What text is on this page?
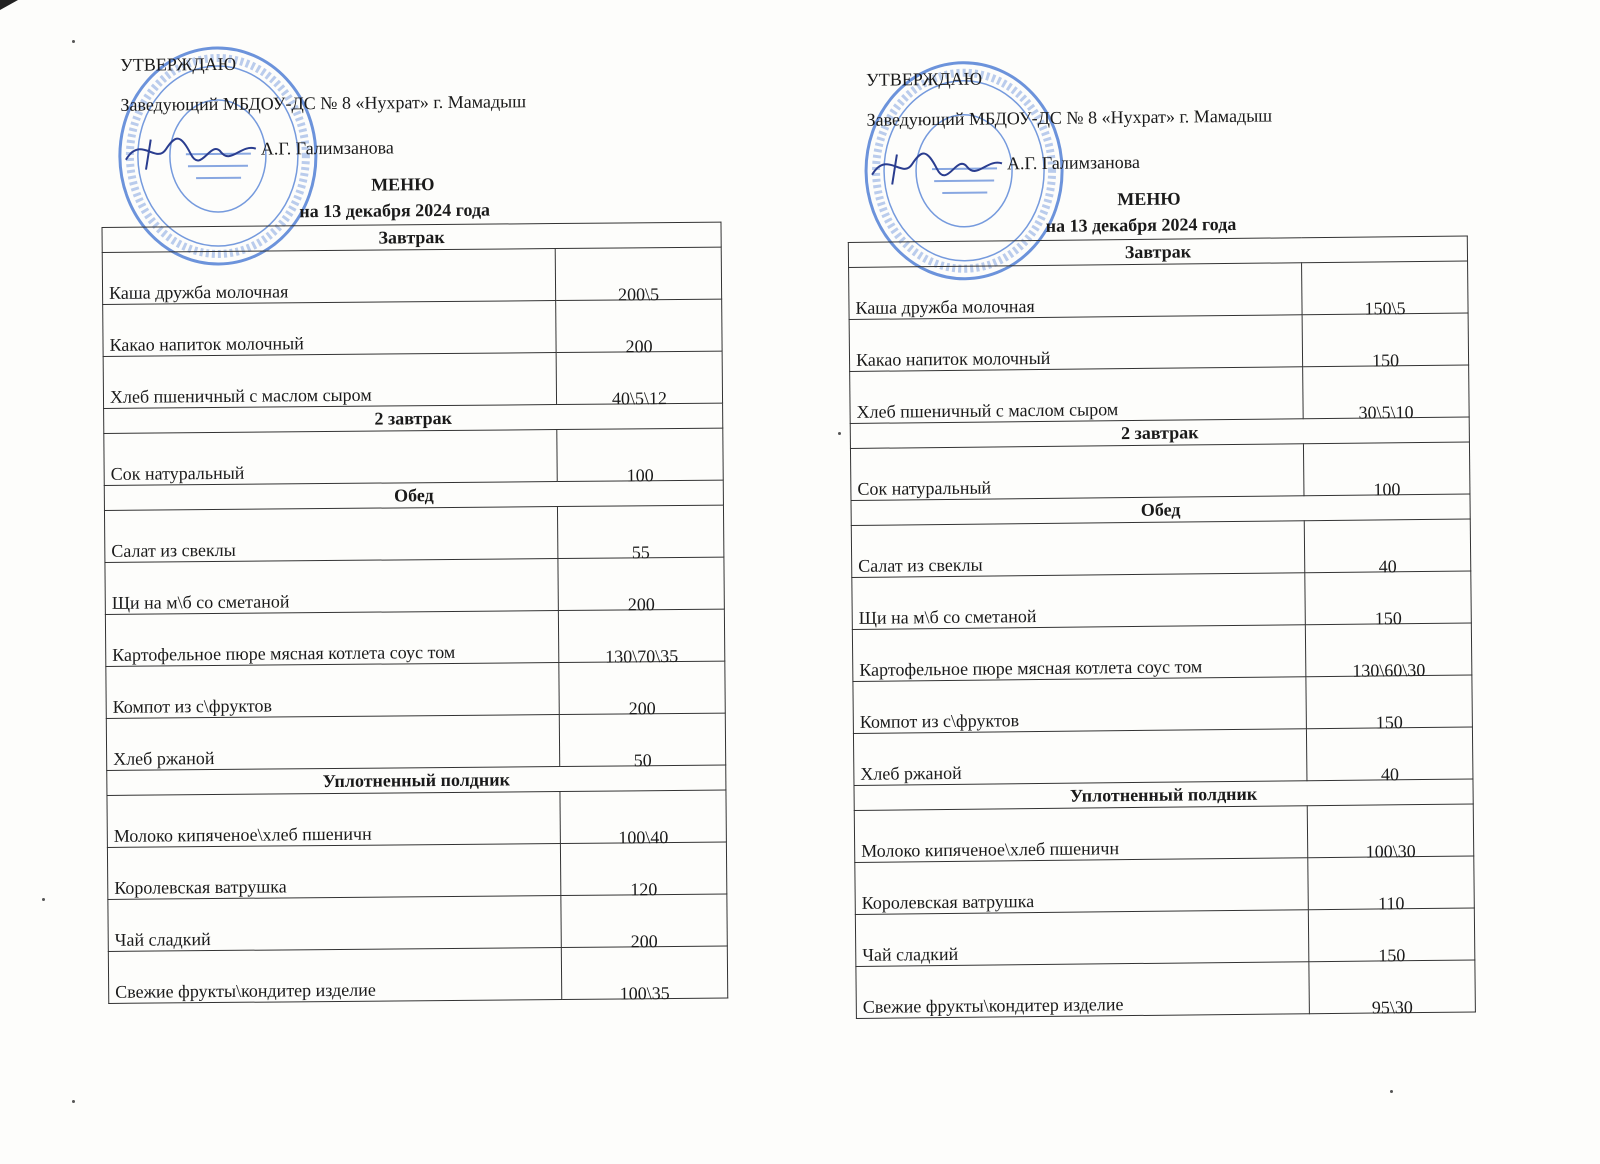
УТВЕРЖДАЮ
Заведующий МБДОУ-ДС № 8 «Нухрат» г. Мамадыш
А.Г. Галимзанова
МЕНЮ
на 13 декабря 2024 года
Завтрак	
Каша дружба молочная	200\5
Какао напиток молочный	200
Хлеб пшеничный с маслом сыром	40\5\12
2 завтрак	
Сок натуральный	100
Обед	
Салат из свеклы	55
Щи на м\б со сметаной	200
Картофельное пюре мясная котлета соус том	130\70\35
Компот из с\фруктов	200
Хлеб ржаной	50
Уплотненный полдник	
Молоко кипяченое\хлеб пшеничн	100\40
Королевская ватрушка	120
Чай сладкий	200
Свежие фрукты\кондитер изделие	100\35
УТВЕРЖДАЮ
Заведующий МБДОУ-ДС № 8 «Нухрат» г. Мамадыш
А.Г. Галимзанова
МЕНЮ
на 13 декабря 2024 года
Завтрак	
Каша дружба молочная	150\5
Какао напиток молочный	150
Хлеб пшеничный с маслом сыром	30\5\10
2 завтрак	
Сок натуральный	100
Обед	
Салат из свеклы	40
Щи на м\б со сметаной	150
Картофельное пюре мясная котлета соус том	130\60\30
Компот из с\фруктов	150
Хлеб ржаной	40
Уплотненный полдник	
Молоко кипяченое\хлеб пшеничн	100\30
Королевская ватрушка	110
Чай сладкий	150
Свежие фрукты\кондитер изделие	95\30
